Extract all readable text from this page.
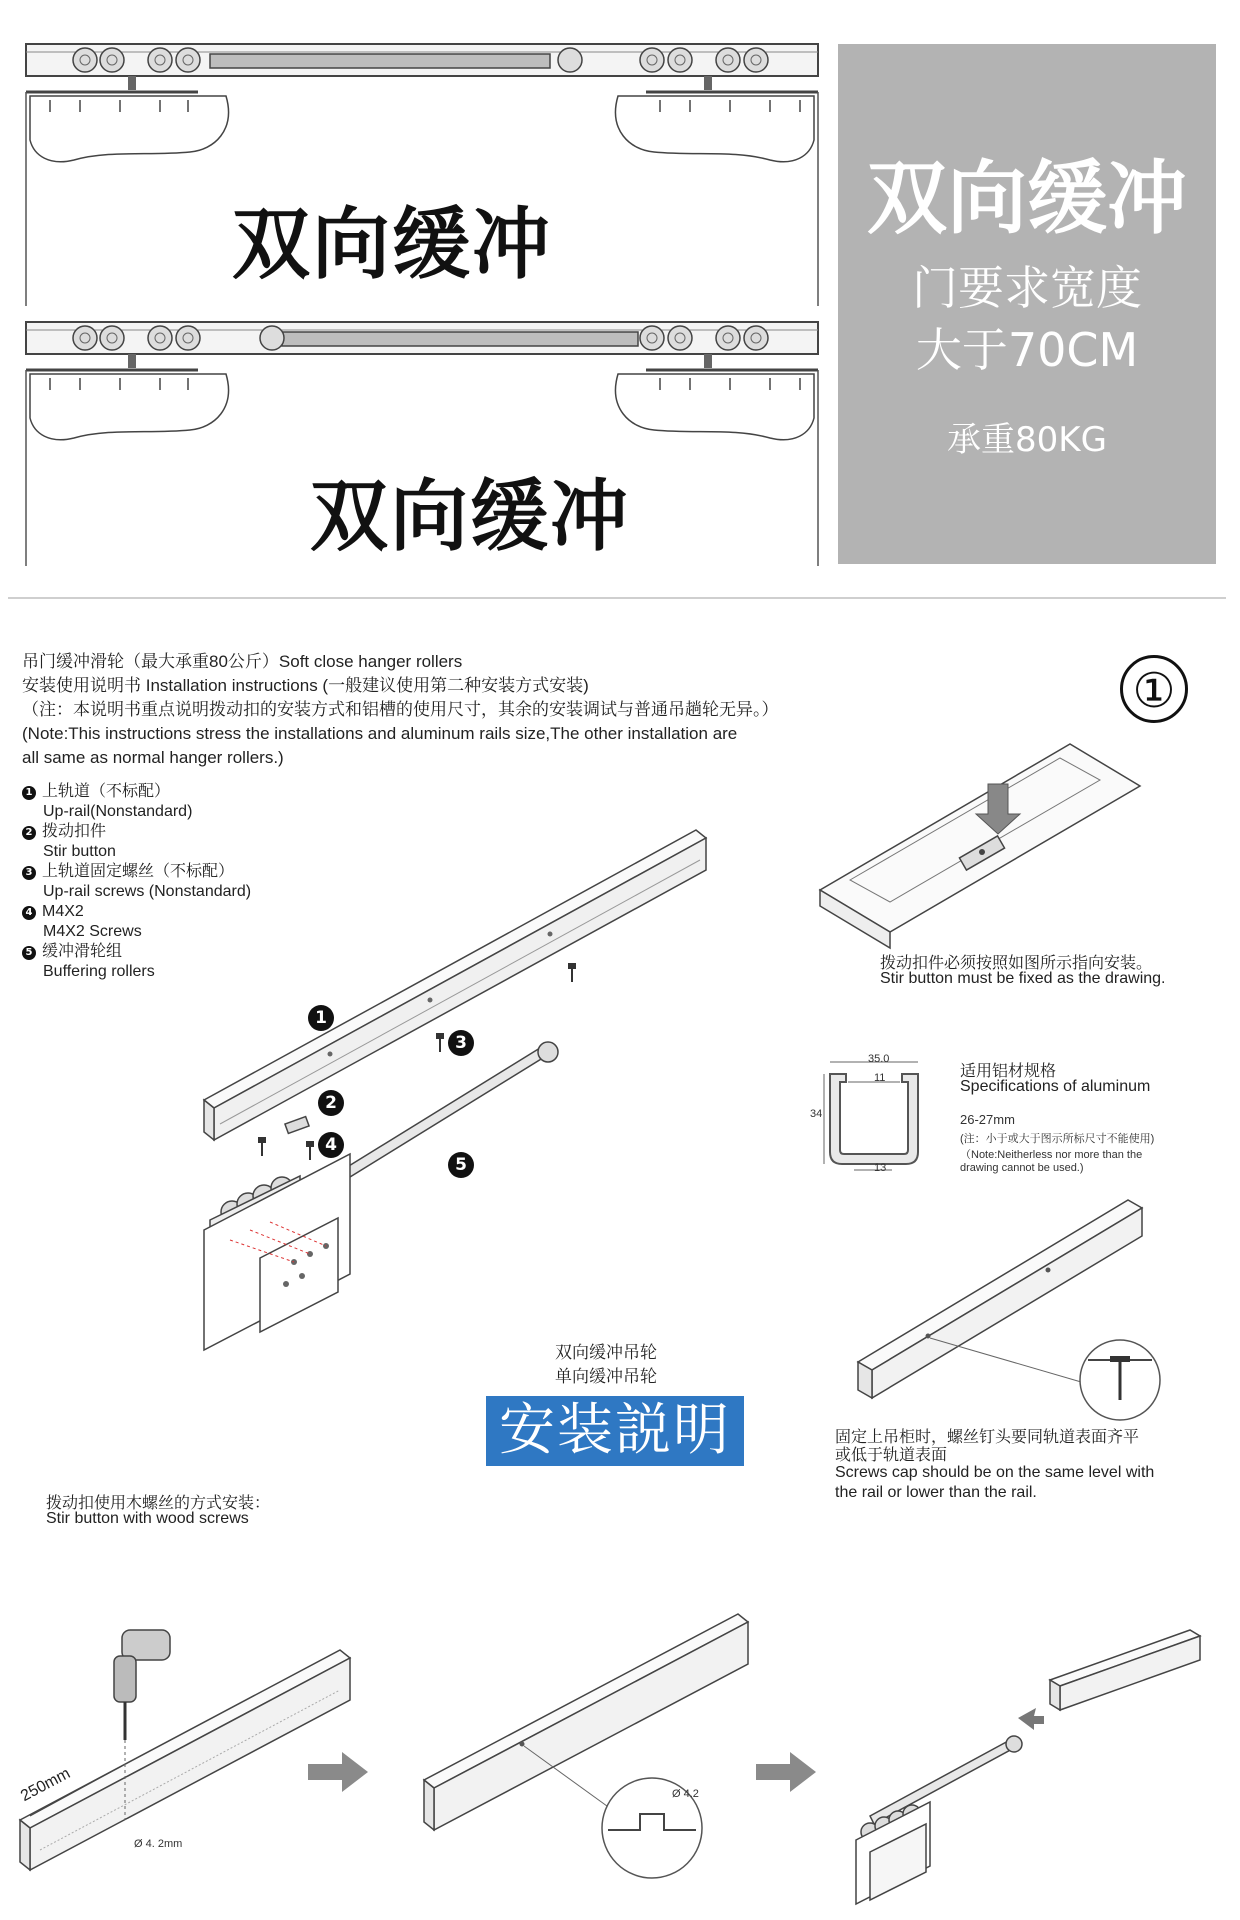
双向缓冲
双向缓冲
双向缓冲
门要求宽度
大于70CM
承重80KG
吊门缓冲滑轮（最大承重80公斤）Soft close hanger rollers
安装使用说明书 Installation instructions (一般建议使用第二种安装方式安装)
（注：本说明书重点说明拨动扣的安装方式和铝槽的使用尺寸，其余的安装调试与普通吊趟轮无异。）
(Note:This instructions stress the installations and aluminum rails size,The other installation are
all same as normal hanger rollers.)
①
1 上轨道（不标配）
Up-rail(Nonstandard)
2 拨动扣件
Stir button
3 上轨道固定螺丝（不标配）
Up-rail screws (Nonstandard)
4 M4X2
M4X2 Screws
5 缓冲滑轮组
Buffering rollers
1
2
3
4
5
拨动扣件必须按照如图所示指向安装。
Stir button must be fixed as the drawing.
35.0
34
11
13
适用铝材规格
Specifications of aluminum
26-27mm
(注：小于或大于图示所标尺寸不能使用)
（Note:Neitherless nor more than the
drawing cannot be used.)
固定上吊柜时，螺丝钉头要同轨道表面齐平
或低于轨道表面
Screws cap should be on the same level with
the rail or lower than the rail.
双向缓冲吊轮
单向缓冲吊轮
安装説明
拨动扣使用木螺丝的方式安装：
Stir button with wood screws
250mm
Ø 4. 2mm
Ø 4.2
